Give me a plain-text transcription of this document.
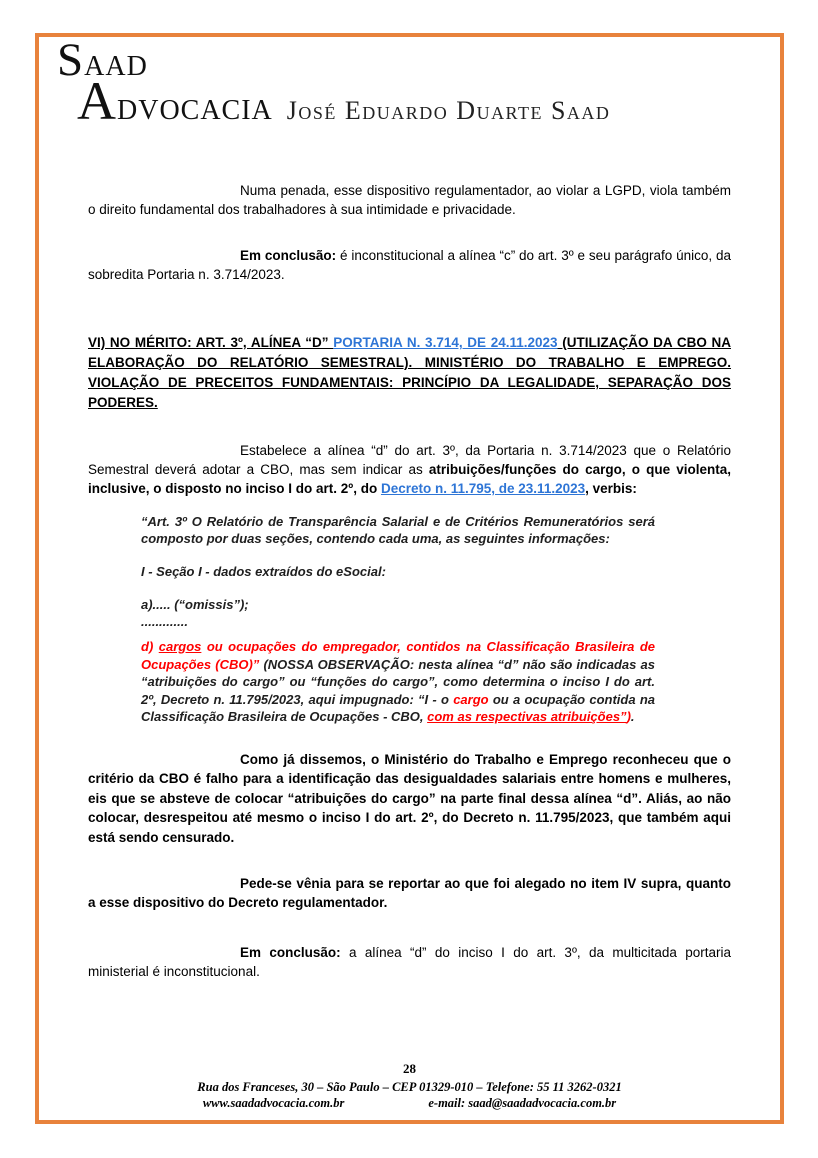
SAAD
ADVOCACIA José Eduardo Duarte Saad

Numa penada, esse dispositivo regulamentador, ao violar a LGPD, viola também o direito fundamental dos trabalhadores à sua intimidade e privacidade.

Em conclusão: é inconstitucional a alínea “c” do art. 3º e seu parágrafo único, da sobredita Portaria n. 3.714/2023.

VI) NO MÉRITO: ART. 3º, ALÍNEA “D” PORTARIA N. 3.714, DE 24.11.2023 (UTILIZAÇÃO DA CBO NA ELABORAÇÃO DO RELATÓRIO SEMESTRAL). MINISTÉRIO DO TRABALHO E EMPREGO. VIOLAÇÃO DE PRECEITOS FUNDAMENTAIS: PRINCÍPIO DA LEGALIDADE, SEPARAÇÃO DOS PODERES.

Estabelece a alínea “d” do art. 3º, da Portaria n. 3.714/2023 que o Relatório Semestral deverá adotar a CBO, mas sem indicar as atribuições/funções do cargo, o que violenta, inclusive, o disposto no inciso I do art. 2º, do Decreto n. 11.795, de 23.11.2023, verbis:

“Art. 3º O Relatório de Transparência Salarial e de Critérios Remuneratórios será composto por duas seções, contendo cada uma, as seguintes informações:

I - Seção I - dados extraídos do eSocial:

a)..... (“omissis”);

.............

d) cargos ou ocupações do empregador, contidos na Classificação Brasileira de Ocupações (CBO)” (NOSSA OBSERVAÇÃO: nesta alínea “d” não são indicadas as “atribuições do cargo” ou “funções do cargo”, como determina o inciso I do art. 2º, Decreto n. 11.795/2023, aqui impugnado: “I - o cargo ou a ocupação contida na Classificação Brasileira de Ocupações - CBO, com as respectivas atribuições”).

Como já dissemos, o Ministério do Trabalho e Emprego reconheceu que o critério da CBO é falho para a identificação das desigualdades salariais entre homens e mulheres, eis que se absteve de colocar “atribuições do cargo” na parte final dessa alínea “d”. Aliás, ao não colocar, desrespeitou até mesmo o inciso I do art. 2º, do Decreto n. 11.795/2023, que também aqui está sendo censurado.

Pede-se vênia para se reportar ao que foi alegado no item IV supra, quanto a esse dispositivo do Decreto regulamentador.

Em conclusão: a alínea “d” do inciso I do art. 3º, da multicitada portaria ministerial é inconstitucional.

28
Rua dos Franceses, 30 – São Paulo – CEP 01329-010 – Telefone: 55 11 3262-0321
www.saadadvocacia.com.br	e-mail: saad@saadadvocacia.com.br
